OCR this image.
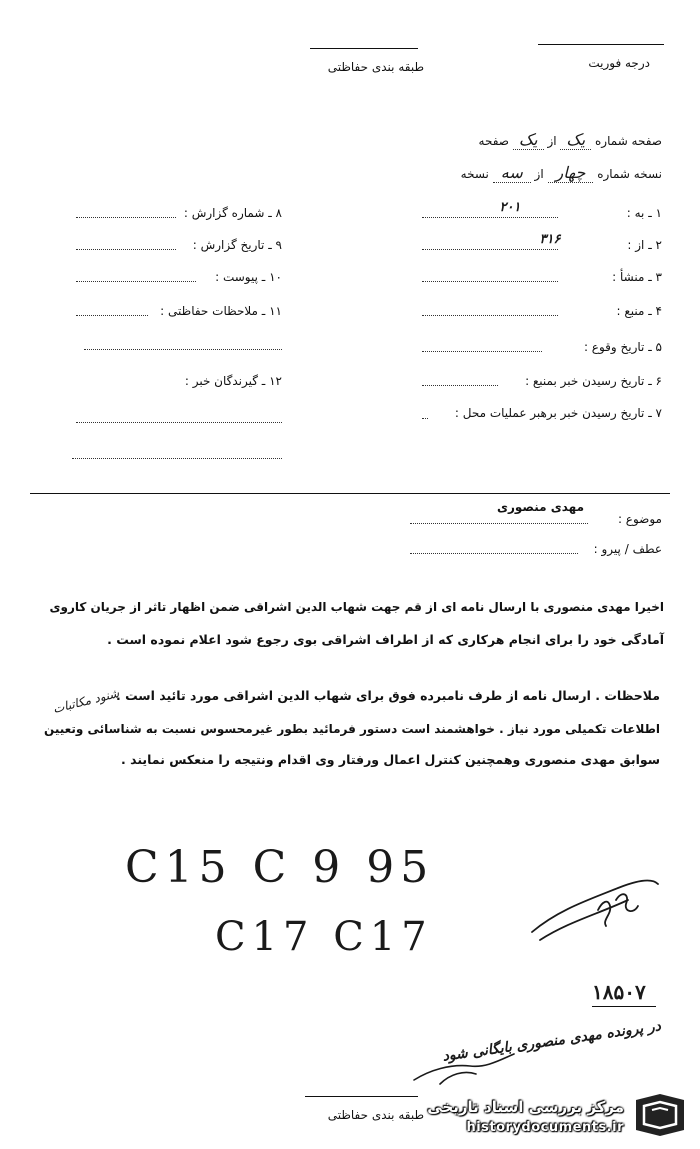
طبقه بندی حفاظتی	درجه فوریت
صفحه شماره یک از یک صفحه
نسخه شماره چهار از سه نسخه
۱ ـ به :
۲۰۱
۲ ـ از :
۳۱۶
۳ ـ منشأ :
۴ ـ منبع :
۵ ـ تاریخ وقوع :
۶ ـ تاریخ رسیدن خبر بمنبع :
۷ ـ تاریخ رسیدن خبر برهبر عملیات محل :
۸ ـ شماره گزارش :
۹ ـ تاریخ گزارش :
۱۰ ـ پیوست :
۱۱ ـ ملاحظات حفاظتی :
۱۲ ـ گیرندگان خبر :
موضوع :
مهدی منصوری
عطف / پیرو :
اخیرا مهدی منصوری با ارسال نامه ای از قم جهت شهاب الدین اشراقی ضمن اظهار تاثر از جریان کاروی
آمادگی خود را برای انجام هرکاری که از اطراف اشراقی بوی رجوع شود اعلام نموده است .
ملاحظات . ارسال نامه از طرف نامبرده فوق برای شهاب الدین اشراقی مورد تائید است .
اطلاعات تکمیلی مورد نیاز . خواهشمند است دستور فرمائید بطور غیرمحسوس نسبت به شناسائی وتعیین
سوابق مهدی منصوری وهمچنین کنترل اعمال ورفتار وی اقدام ونتیجه را منعکس نمایند .
شنود مکاتبات
C15 C 9 95
C17 C17
۱۸۵۰۷
در پرونده مهدی منصوری بایگانی شود
طبقه بندی حفاظتی مرکز بررسی اسناد تاریخی
historydocuments.ir
